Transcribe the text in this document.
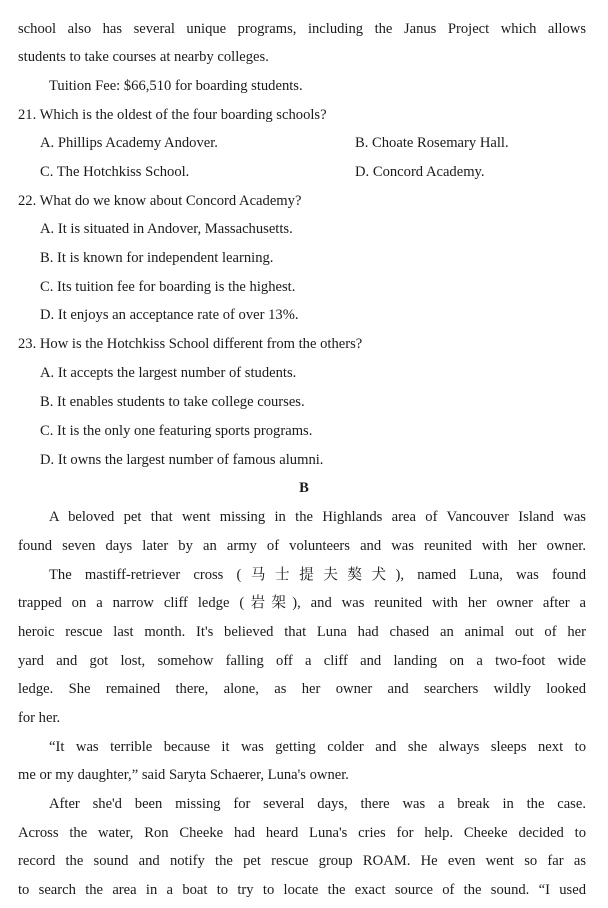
school also has several unique programs, including the Janus Project which allows
students to take courses at nearby colleges.
Tuition Fee: $66,510 for boarding students.
21. Which is the oldest of the four boarding schools?
A. Phillips Academy Andover.	B. Choate Rosemary Hall.
C. The Hotchkiss School.	D. Concord Academy.
22. What do we know about Concord Academy?
A. It is situated in Andover, Massachusetts.
B. It is known for independent learning.
C. Its tuition fee for boarding is the highest.
D. It enjoys an acceptance rate of over 13%.
23. How is the Hotchkiss School different from the others?
A. It accepts the largest number of students.
B. It enables students to take college courses.
C. It is the only one featuring sports programs.
D. It owns the largest number of famous alumni.
B
A beloved pet that went missing in the Highlands area of Vancouver Island was
found seven days later by an army of volunteers and was reunited with her owner.
The mastiff-retriever cross (马士提夫獒犬), named Luna, was found
trapped on a narrow cliff ledge (岩架), and was reunited with her owner after a
heroic rescue last month. It's believed that Luna had chased an animal out of her
yard and got lost, somehow falling off a cliff and landing on a two-foot wide
ledge. She remained there, alone, as her owner and searchers wildly looked
for her.
“It was terrible because it was getting colder and she always sleeps next to
me or my daughter,” said Saryta Schaerer, Luna's owner.
After she'd been missing for several days, there was a break in the case.
Across the water, Ron Cheeke had heard Luna's cries for help. Cheeke decided to
record the sound and notify the pet rescue group ROAM. He even went so far as
to search the area in a boat to try to locate the exact source of the sound. “I used
